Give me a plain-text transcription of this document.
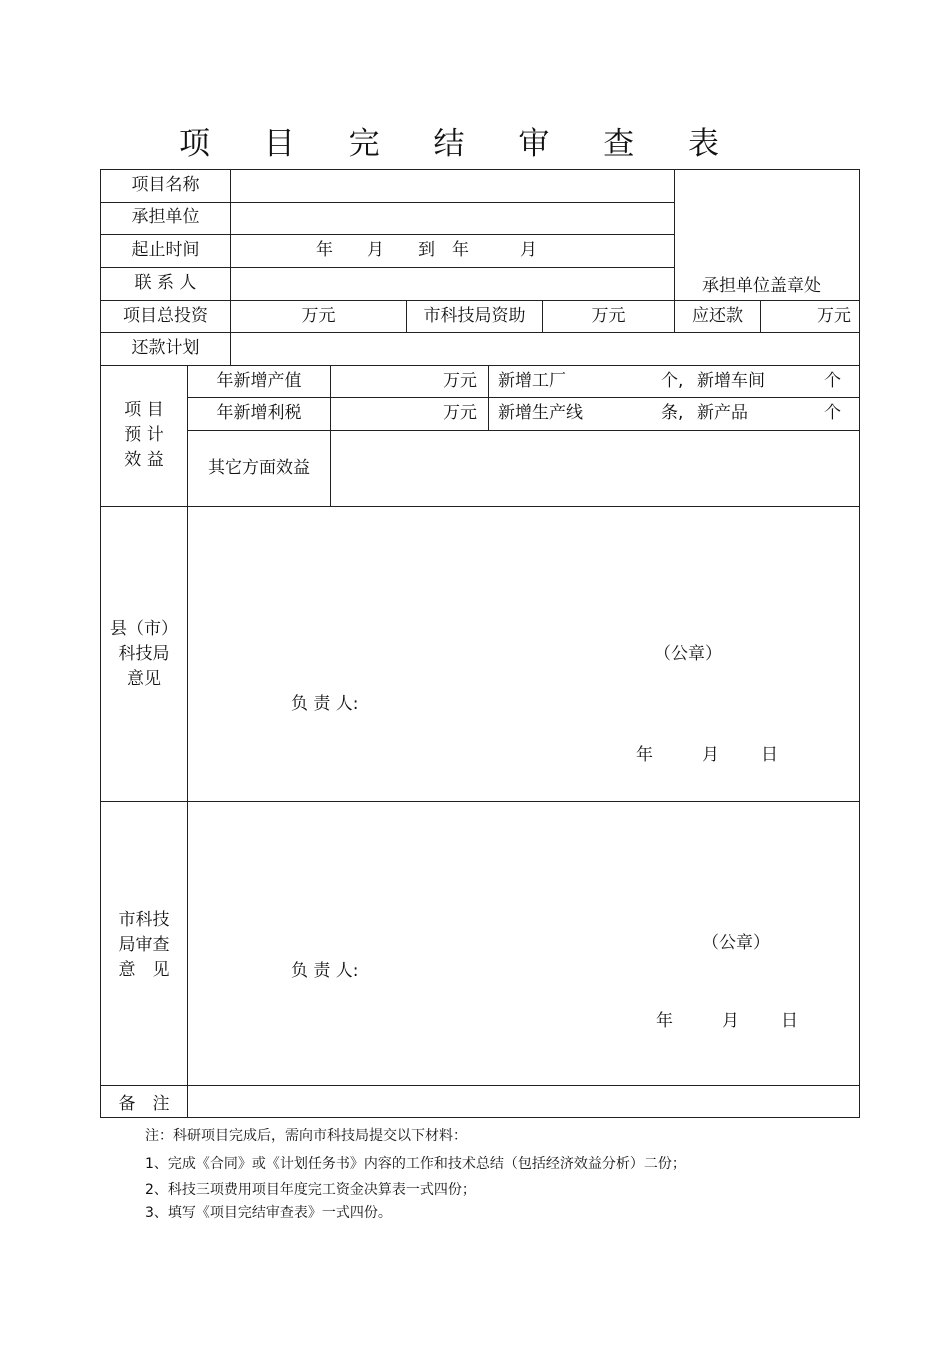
项 目 完 结 审 查 表
项目名称
承担单位
起止时间	年　　月　　到　年　　　月
联 系 人	承担单位盖章处
项目总投资	万元	市科技局资助	万元	应还款	万元
还款计划
项 目
预 计
效 益
年新增产值	万元 新增工厂	个, 新增车间	个
年新增利税	万元 新增生产线	条, 新产品	个
其它方面效益
县（市）
科技局
意见
（公章）
负 责 人:
年	月 日
市科技
局审查
意　见
（公章）
负 责 人:
年	月 日
备　注
注：科研项目完成后，需向市科技局提交以下材料：
1、完成《合同》或《计划任务书》内容的工作和技术总结（包括经济效益分析）二份；
2、科技三项费用项目年度完工资金决算表一式四份；
3、填写《项目完结审查表》一式四份。
